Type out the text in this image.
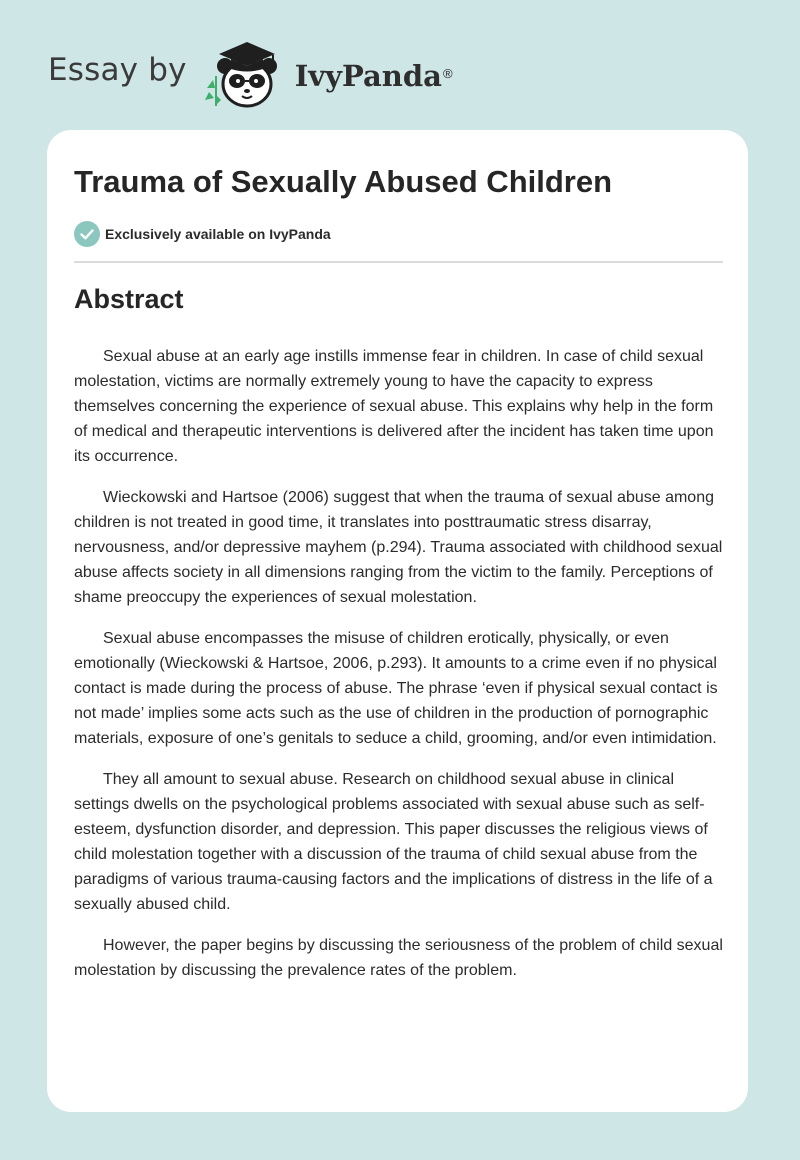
Essay by	IvyPanda ®
Trauma of Sexually Abused Children
Exclusively available on IvyPanda
Abstract

Sexual abuse at an early age instills immense fear in children. In case of child sexual molestation, victims are normally extremely young to have the capacity to express themselves concerning the experience of sexual abuse. This explains why help in the form of medical and therapeutic interventions is delivered after the incident has taken time upon its occurrence.

Wieckowski and Hartsoe (2006) suggest that when the trauma of sexual abuse among children is not treated in good time, it translates into posttraumatic stress disarray, nervousness, and/or depressive mayhem (p.294). Trauma associated with childhood sexual abuse affects society in all dimensions ranging from the victim to the family. Perceptions of shame preoccupy the experiences of sexual molestation.

Sexual abuse encompasses the misuse of children erotically, physically, or even emotionally (Wieckowski & Hartsoe, 2006, p.293). It amounts to a crime even if no physical contact is made during the process of abuse. The phrase ‘even if physical sexual contact is not made’ implies some acts such as the use of children in the production of pornographic materials, exposure of one’s genitals to seduce a child, grooming, and/or even intimidation.

They all amount to sexual abuse. Research on childhood sexual abuse in clinical settings dwells on the psychological problems associated with sexual abuse such as self-esteem, dysfunction disorder, and depression. This paper discusses the religious views of child molestation together with a discussion of the trauma of child sexual abuse from the paradigms of various trauma-causing factors and the implications of distress in the life of a sexually abused child.

However, the paper begins by discussing the seriousness of the problem of child sexual molestation by discussing the prevalence rates of the problem.
